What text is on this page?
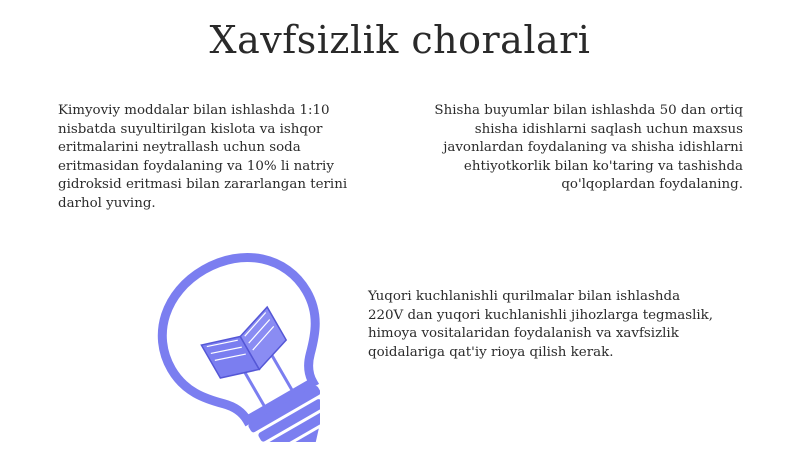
Xavfsizlik choralari

Kimyoviy moddalar bilan ishlashda 1:10
nisbatda suyultirilgan kislota va ishqor
eritmalarini neytrallash uchun soda
eritmasidan foydalaning va 10% li natriy
gidroksid eritmasi bilan zararlangan terini
darhol yuving.

Shisha buyumlar bilan ishlashda 50 dan ortiq
shisha idishlarni saqlash uchun maxsus
javonlardan foydalaning va shisha idishlarni
ehtiyotkorlik bilan ko'taring va tashishda
qo'lqoplardan foydalaning.

Yuqori kuchlanishli qurilmalar bilan ishlashda
220V dan yuqori kuchlanishli jihozlarga tegmaslik,
himoya vositalaridan foydalanish va xavfsizlik
qoidalariga qat'iy rioya qilish kerak.
